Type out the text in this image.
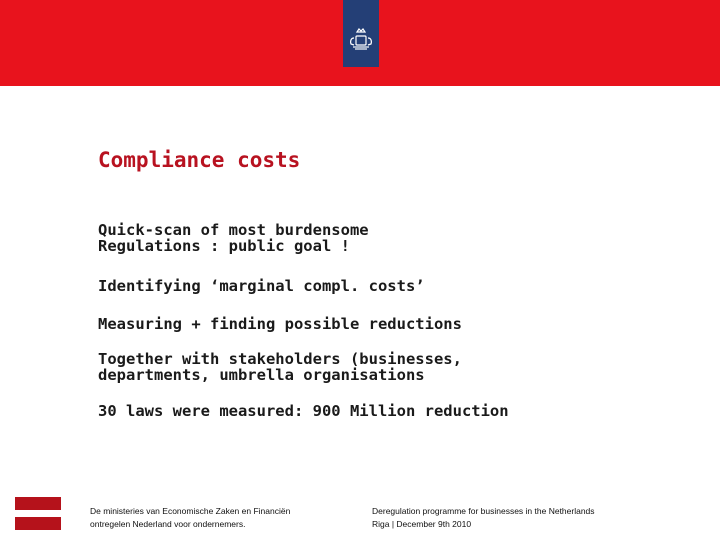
Compliance costs
Quick-scan of most burdensome
Regulations : public goal !
Identifying ‘marginal compl. costs’
Measuring + finding possible reductions
Together with stakeholders (businesses,
departments, umbrella organisations
30 laws were measured: 900 Million reduction
De ministeries van Economische Zaken en Financiën
ontregelen Nederland voor ondernemers.
Deregulation programme for businesses in the Netherlands
Riga | December 9th 2010
